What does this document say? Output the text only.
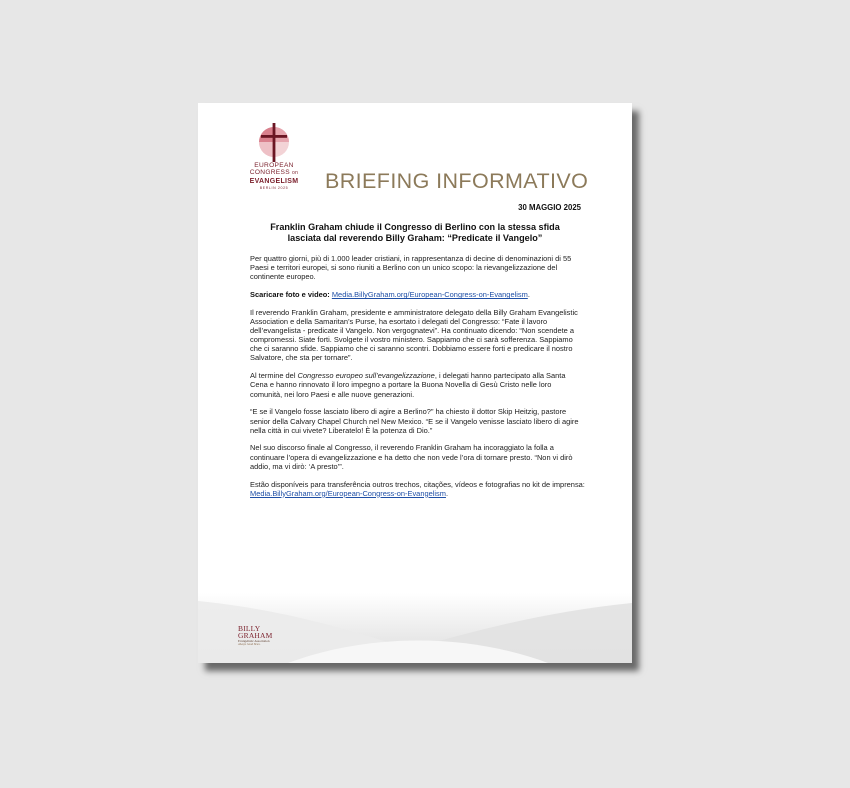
EUROPEAN
CONGRESS on
EVANGELISM
BERLIN 2025	BRIEFING INFORMATIVO
30 MAGGIO 2025
Franklin Graham chiude il Congresso di Berlino con la stessa sfida
lasciata dal reverendo Billy Graham: “Predicate il Vangelo”

Per quattro giorni, più di 1.000 leader cristiani, in rappresentanza di decine di denominazioni di 55 Paesi e territori europei, si sono riuniti a Berlino con un unico scopo: la rievangelizzazione del continente europeo.

Scaricare foto e video: Media.BillyGraham.org/European-Congress-on-Evangelism.

Il reverendo Franklin Graham, presidente e amministratore delegato della Billy Graham Evangelistic Association e della Samaritan’s Purse, ha esortato i delegati del Congresso: “Fate il lavoro dell’evangelista - predicate il Vangelo. Non vergognatevi”. Ha continuato dicendo: “Non scendete a compromessi. Siate forti. Svolgete il vostro ministero. Sappiamo che ci sarà sofferenza. Sappiamo che ci saranno sfide. Sappiamo che ci saranno scontri. Dobbiamo essere forti e predicare il nostro Salvatore, che sta per tornare”.

Al termine del Congresso europeo sull’evangelizzazione, i delegati hanno partecipato alla Santa Cena e hanno rinnovato il loro impegno a portare la Buona Novella di Gesù Cristo nelle loro comunità, nei loro Paesi e alle nuove generazioni.

“E se il Vangelo fosse lasciato libero di agire a Berlino?” ha chiesto il dottor Skip Heitzig, pastore senior della Calvary Chapel Church nel New Mexico. “E se il Vangelo venisse lasciato libero di agire nella città in cui vivete? Liberatelo! È la potenza di Dio.”

Nel suo discorso finale al Congresso, il reverendo Franklin Graham ha incoraggiato la folla a continuare l’opera di evangelizzazione e ha detto che non vede l’ora di tornare presto. “Non vi dirò addio, ma vi dirò: ‘A presto’”.

Estão disponíveis para transferência outros trechos, citações, vídeos e fotografias no kit de imprensa: Media.BillyGraham.org/European-Congress-on-Evangelism.

BILLY
GRAHAM
Evangelistic Association
Always Good News.
